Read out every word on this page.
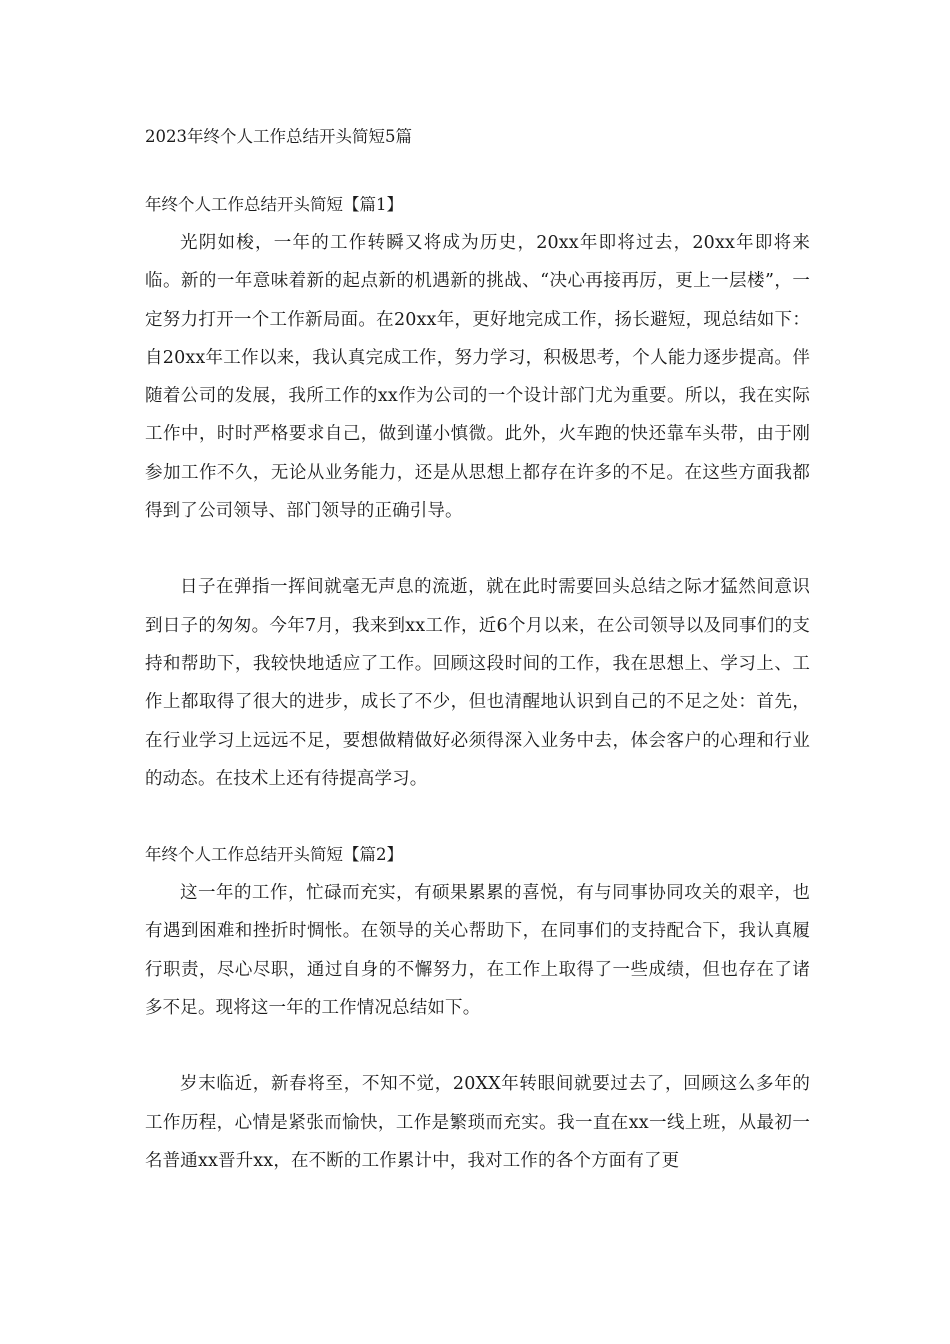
2023年终个人工作总结开头简短5篇
年终个人工作总结开头简短【篇1】

光阴如梭，一年的工作转瞬又将成为历史，20xx年即将过去，20xx年即将来临。新的一年意味着新的起点新的机遇新的挑战、“决心再接再厉，更上一层楼”，一定努力打开一个工作新局面。在20xx年，更好地完成工作，扬长避短，现总结如下：自20xx年工作以来，我认真完成工作，努力学习，积极思考，个人能力逐步提高。伴随着公司的发展，我所工作的xx作为公司的一个设计部门尤为重要。所以，我在实际工作中，时时严格要求自己，做到谨小慎微。此外，火车跑的快还靠车头带，由于刚参加工作不久，无论从业务能力，还是从思想上都存在许多的不足。在这些方面我都得到了公司领导、部门领导的正确引导。

日子在弹指一挥间就毫无声息的流逝，就在此时需要回头总结之际才猛然间意识到日子的匆匆。今年7月，我来到xx工作，近6个月以来，在公司领导以及同事们的支持和帮助下，我较快地适应了工作。回顾这段时间的工作，我在思想上、学习上、工作上都取得了很大的进步，成长了不少，但也清醒地认识到自己的不足之处：首先，在行业学习上远远不足，要想做精做好必须得深入业务中去，体会客户的心理和行业的动态。在技术上还有待提高学习。

年终个人工作总结开头简短【篇2】

这一年的工作，忙碌而充实，有硕果累累的喜悦，有与同事协同攻关的艰辛，也有遇到困难和挫折时惆怅。在领导的关心帮助下，在同事们的支持配合下，我认真履行职责，尽心尽职，通过自身的不懈努力，在工作上取得了一些成绩，但也存在了诸多不足。现将这一年的工作情况总结如下。

岁末临近，新春将至，不知不觉，20XX年转眼间就要过去了，回顾这么多年的工作历程，心情是紧张而愉快，工作是繁琐而充实。我一直在xx一线上班，从最初一名普通xx晋升xx，在不断的工作累计中，我对工作的各个方面有了更
